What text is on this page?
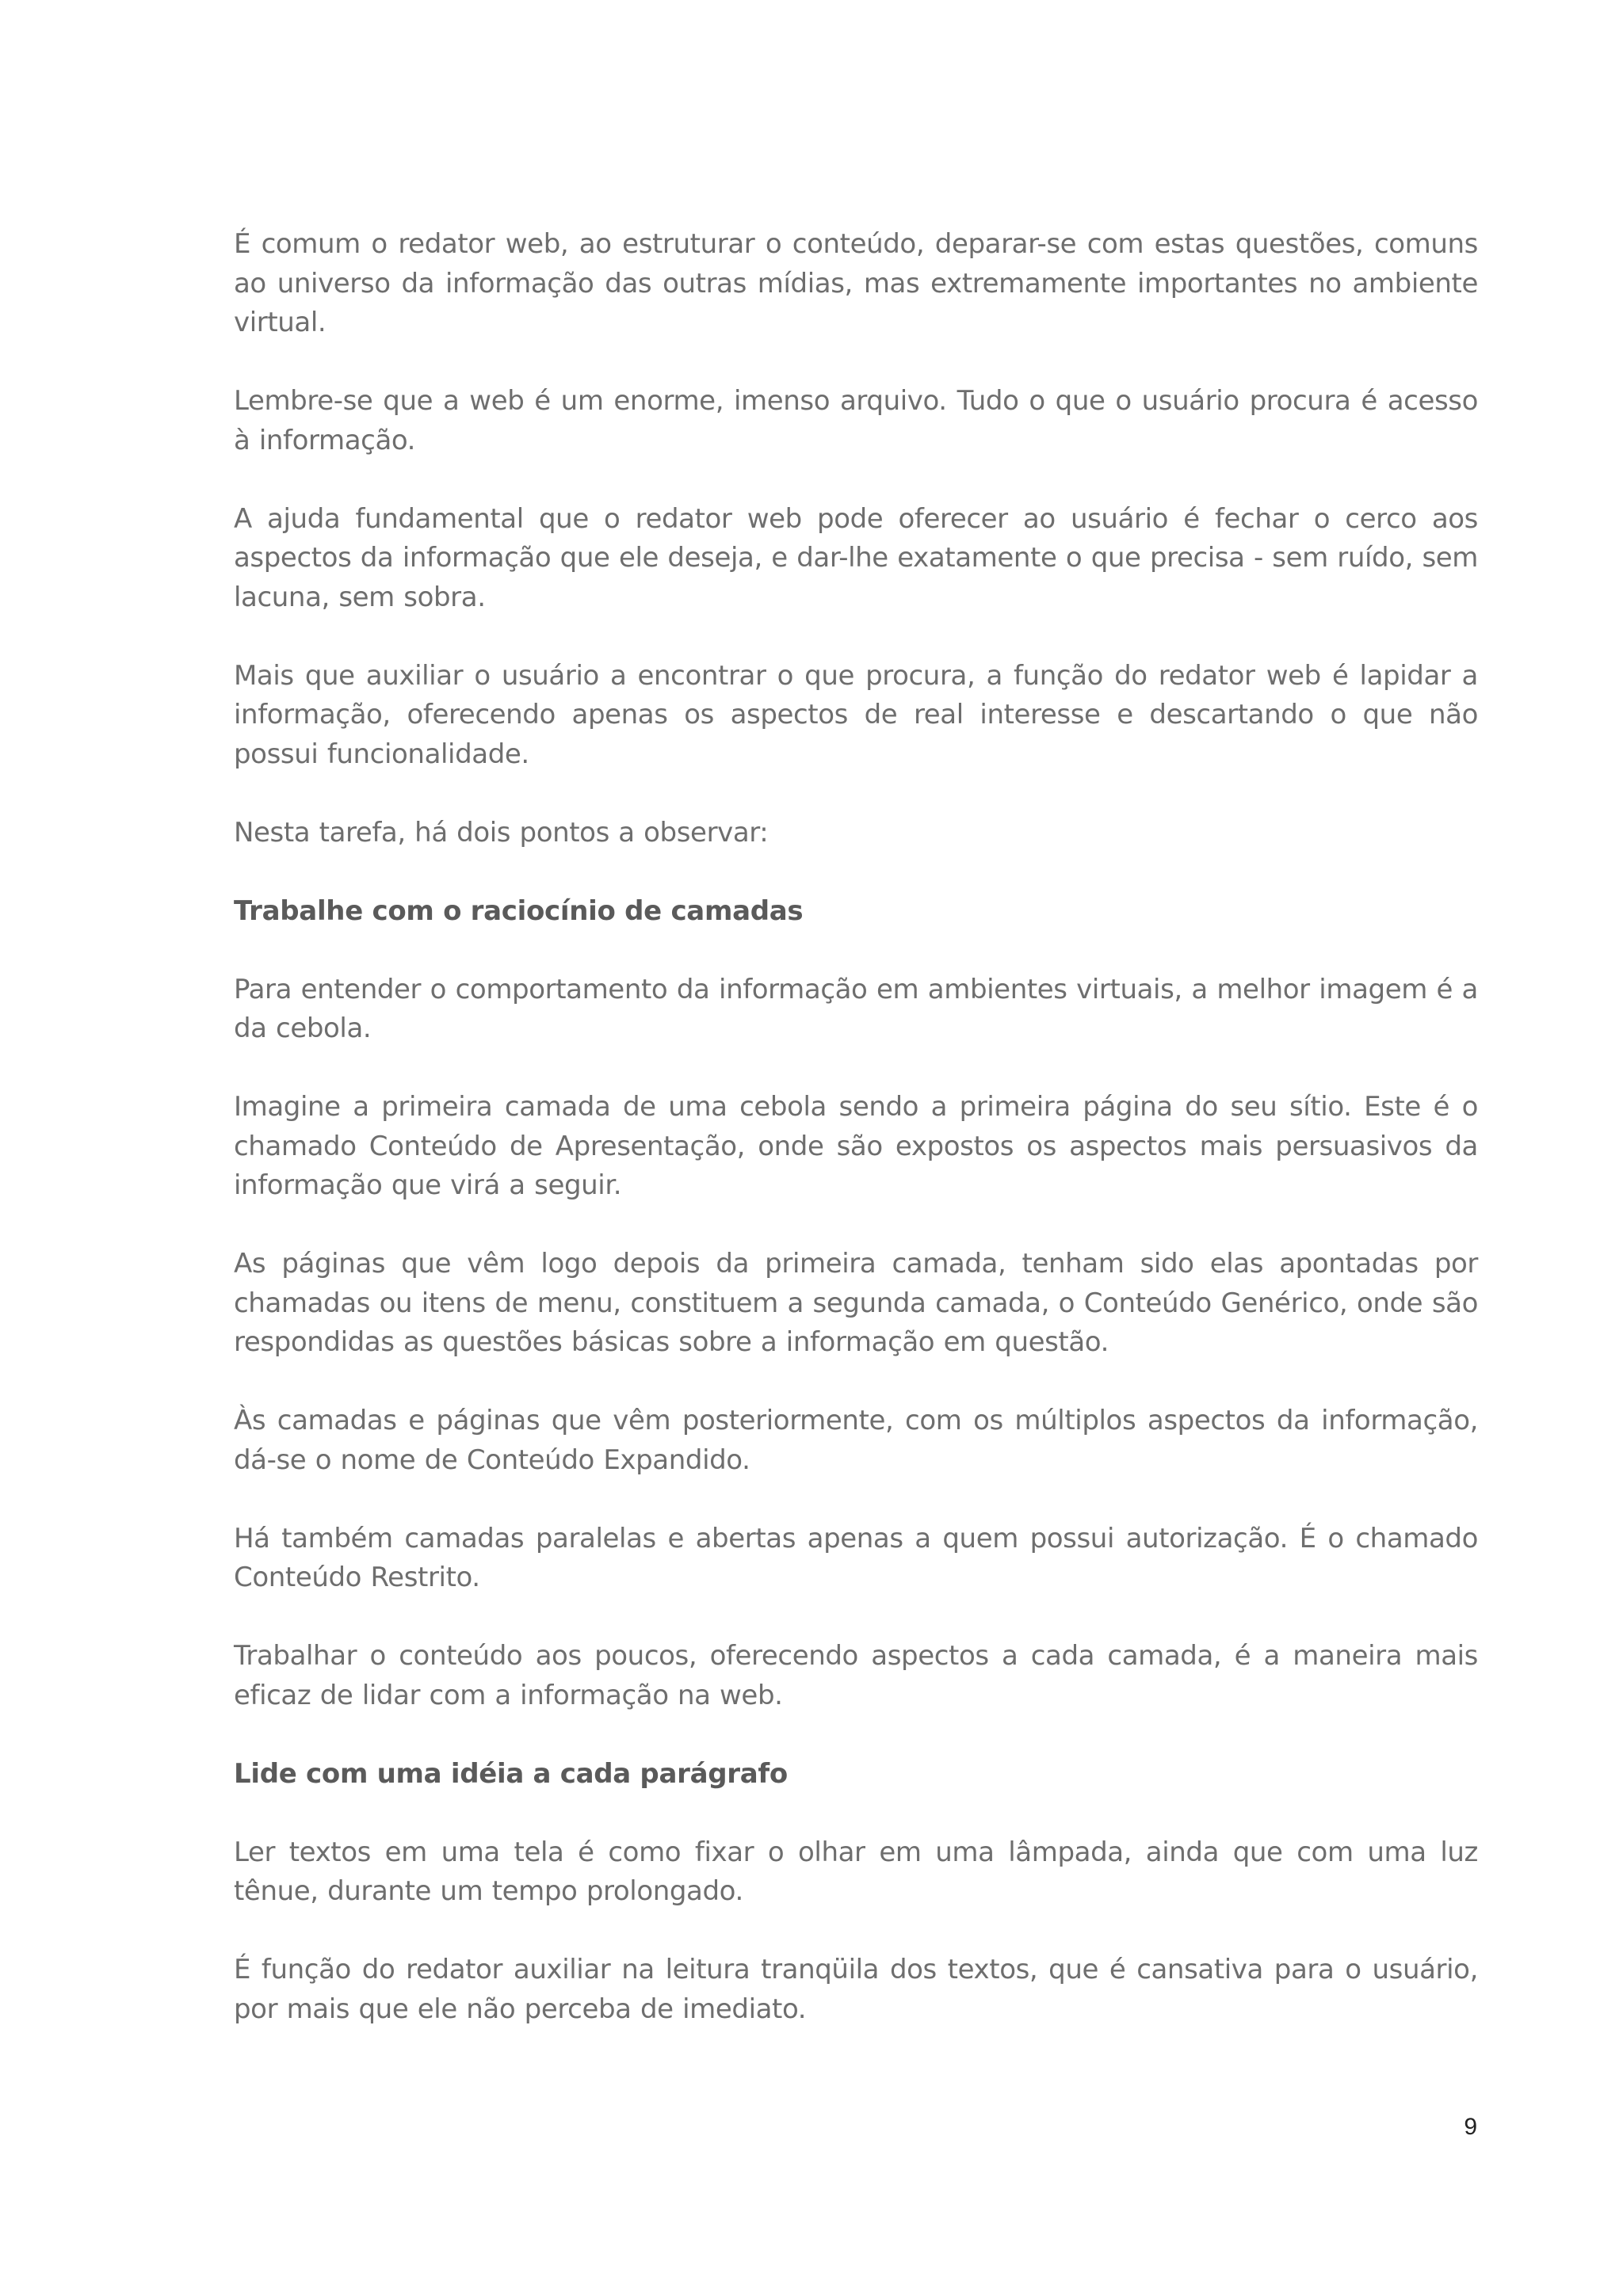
É comum o redator web, ao estruturar o conteúdo, deparar-se com estas questões, comuns ao universo da informação das outras mídias, mas extremamente importantes no ambiente virtual.

Lembre-se que a web é um enorme, imenso arquivo. Tudo o que o usuário procura é acesso à informação.

A ajuda fundamental que o redator web pode oferecer ao usuário é fechar o cerco aos aspectos da informação que ele deseja, e dar-lhe exatamente o que precisa - sem ruído, sem lacuna, sem sobra.

Mais que auxiliar o usuário a encontrar o que procura, a função do redator web é lapidar a informação, oferecendo apenas os aspectos de real interesse e descartando o que não possui funcionalidade.

Nesta tarefa, há dois pontos a observar:

Trabalhe com o raciocínio de camadas

Para entender o comportamento da informação em ambientes virtuais, a melhor imagem é a da cebola.

Imagine a primeira camada de uma cebola sendo a primeira página do seu sítio. Este é o chamado Conteúdo de Apresentação, onde são expostos os aspectos mais persuasivos da informação que virá a seguir.

As páginas que vêm logo depois da primeira camada, tenham sido elas apontadas por chamadas ou itens de menu, constituem a segunda camada, o Conteúdo Genérico, onde são respondidas as questões básicas sobre a informação em questão.

Às camadas e páginas que vêm posteriormente, com os múltiplos aspectos da informação, dá-se o nome de Conteúdo Expandido.

Há também camadas paralelas e abertas apenas a quem possui autorização. É o chamado Conteúdo Restrito.

Trabalhar o conteúdo aos poucos, oferecendo aspectos a cada camada, é a maneira mais eficaz de lidar com a informação na web.

Lide com uma idéia a cada parágrafo

Ler textos em uma tela é como fixar o olhar em uma lâmpada, ainda que com uma luz tênue, durante um tempo prolongado.

É função do redator auxiliar na leitura tranqüila dos textos, que é cansativa para o usuário, por mais que ele não perceba de imediato.

9
